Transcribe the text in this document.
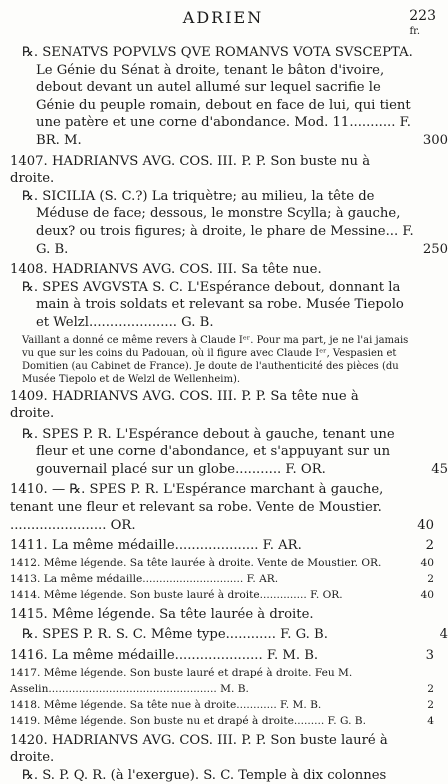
ADRIEN	223
fr.
℞. SENATVS POPVLVS QVE ROMANVS VOTA SVSCEPTA. Le Génie du Sénat à droite, tenant le bâton d'ivoire, debout devant un autel allumé sur lequel sacrifie le Génie du peuple romain, debout en face de lui, qui tient une patère et une corne d'abondance. Mod. 11........... F. BR. M.	300
1407. HADRIANVS AVG. COS. III. P. P. Son buste nu à droite.
℞. SICILIA (S. C.?) La triquètre; au milieu, la tête de Méduse de face; dessous, le monstre Scylla; à gauche, deux? ou trois figures; à droite, le phare de Messine... F. G. B.	250
1408. HADRIANVS AVG. COS. III. Sa tête nue.
℞. SPES AVGVSTA S. C. L'Espérance debout, donnant la main à trois soldats et relevant sa robe. Musée Tiepolo et Welzl..................... G. B.
Vaillant a donné ce même revers à Claude Iᵉʳ. Pour ma part, je ne l'ai jamais vu que sur les coins du Padouan, où il figure avec Claude Iᵉʳ, Vespasien et Domitien (au Cabinet de France). Je doute de l'authenticité des pièces (du Musée Tiepolo et de Welzl de Wellenheim).
1409. HADRIANVS AVG. COS. III. P. P. Sa tête nue à droite.
℞. SPES P. R. L'Espérance debout à gauche, tenant une fleur et une corne d'abondance, et s'appuyant sur un gouvernail placé sur un globe........... F. OR.	45
1410. — ℞. SPES P. R. L'Espérance marchant à gauche, tenant une fleur et relevant sa robe. Vente de Moustier. ....................... OR.	40
1411. La même médaille.................... F. AR.	2
1412. Même légende. Sa tête laurée à droite. Vente de Moustier. OR.	40
1413. La même médaille.............................. F. AR.	2
1414. Même légende. Son buste lauré à droite.............. F. OR.	40
1415. Même légende. Sa tête laurée à droite.
℞. SPES P. R. S. C. Même type............ F. G. B.	4
1416. La même médaille..................... F. M. B.	3
1417. Même légende. Son buste lauré et drapé à droite. Feu M. Asselin.................................................. M. B.	2
1418. Même légende. Sa tête nue à droite............ F. M. B.	2
1419. Même légende. Son buste nu et drapé à droite......... F. G. B.	4
1420. HADRIANVS AVG. COS. III. P. P. Son buste lauré à droite.
℞. S. P. Q. R. (à l'exergue). S. C. Temple à dix colonnes
